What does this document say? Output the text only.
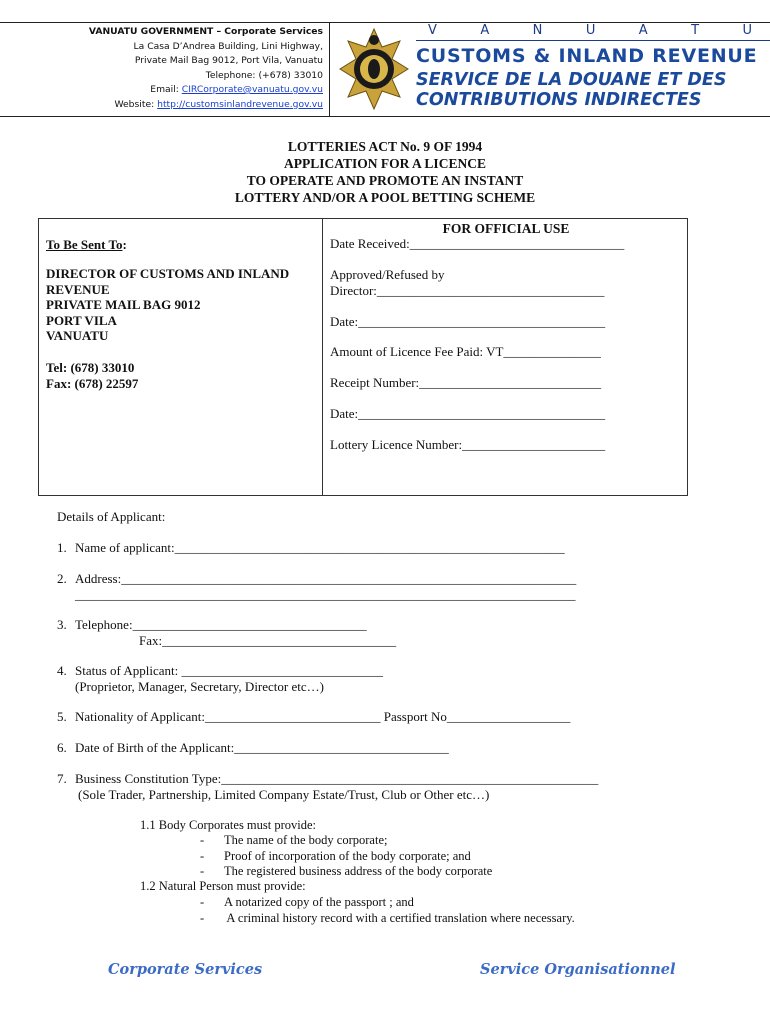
VANUATU GOVERNMENT – Corporate Services
La Casa D’Andrea Building, Lini Highway,
Private Mail Bag 9012, Port Vila, Vanuatu
Telephone: (+678) 33010
Email: CIRCorporate@vanuatu.gov.vu
Website: http://customsinlandrevenue.gov.vu
V	A	N	U	A	T	U
CUSTOMS & INLAND REVENUE
SERVICE DE LA DOUANE ET DES
CONTRIBUTIONS INDIRECTES
LOTTERIES ACT No. 9 OF 1994
APPLICATION FOR A LICENCE
TO OPERATE AND PROMOTE AN INSTANT
LOTTERY AND/OR A POOL BETTING SCHEME
To Be Sent To:
DIRECTOR OF CUSTOMS AND INLAND
REVENUE
PRIVATE MAIL BAG 9012
PORT VILA
VANUATU
Tel: (678) 33010
Fax: (678) 22597
FOR OFFICIAL USE
Date Received:_________________________________
Approved/Refused by
Director:___________________________________
Date:______________________________________
Amount of Licence Fee Paid: VT_______________
Receipt Number:____________________________
Date:______________________________________
Lottery Licence Number:______________________
Details of Applicant:
1. Name of applicant:____________________________________________________________
2. Address:______________________________________________________________________
_____________________________________________________________________________
3. Telephone:____________________________________
Fax:____________________________________
4. Status of Applicant: _______________________________
(Proprietor, Manager, Secretary, Director etc…)
5. Nationality of Applicant:___________________________ Passport No___________________
6. Date of Birth of the Applicant:_________________________________
7. Business Constitution Type:__________________________________________________________
(Sole Trader, Partnership, Limited Company Estate/Trust, Club or Other etc…)
1.1 Body Corporates must provide:
- The name of the body corporate;
- Proof of incorporation of the body corporate; and
- The registered business address of the body corporate
1.2 Natural Person must provide:
- A notarized copy of the passport ; and
- A criminal history record with a certified translation where necessary.
Corporate Services	Service Organisationnel
